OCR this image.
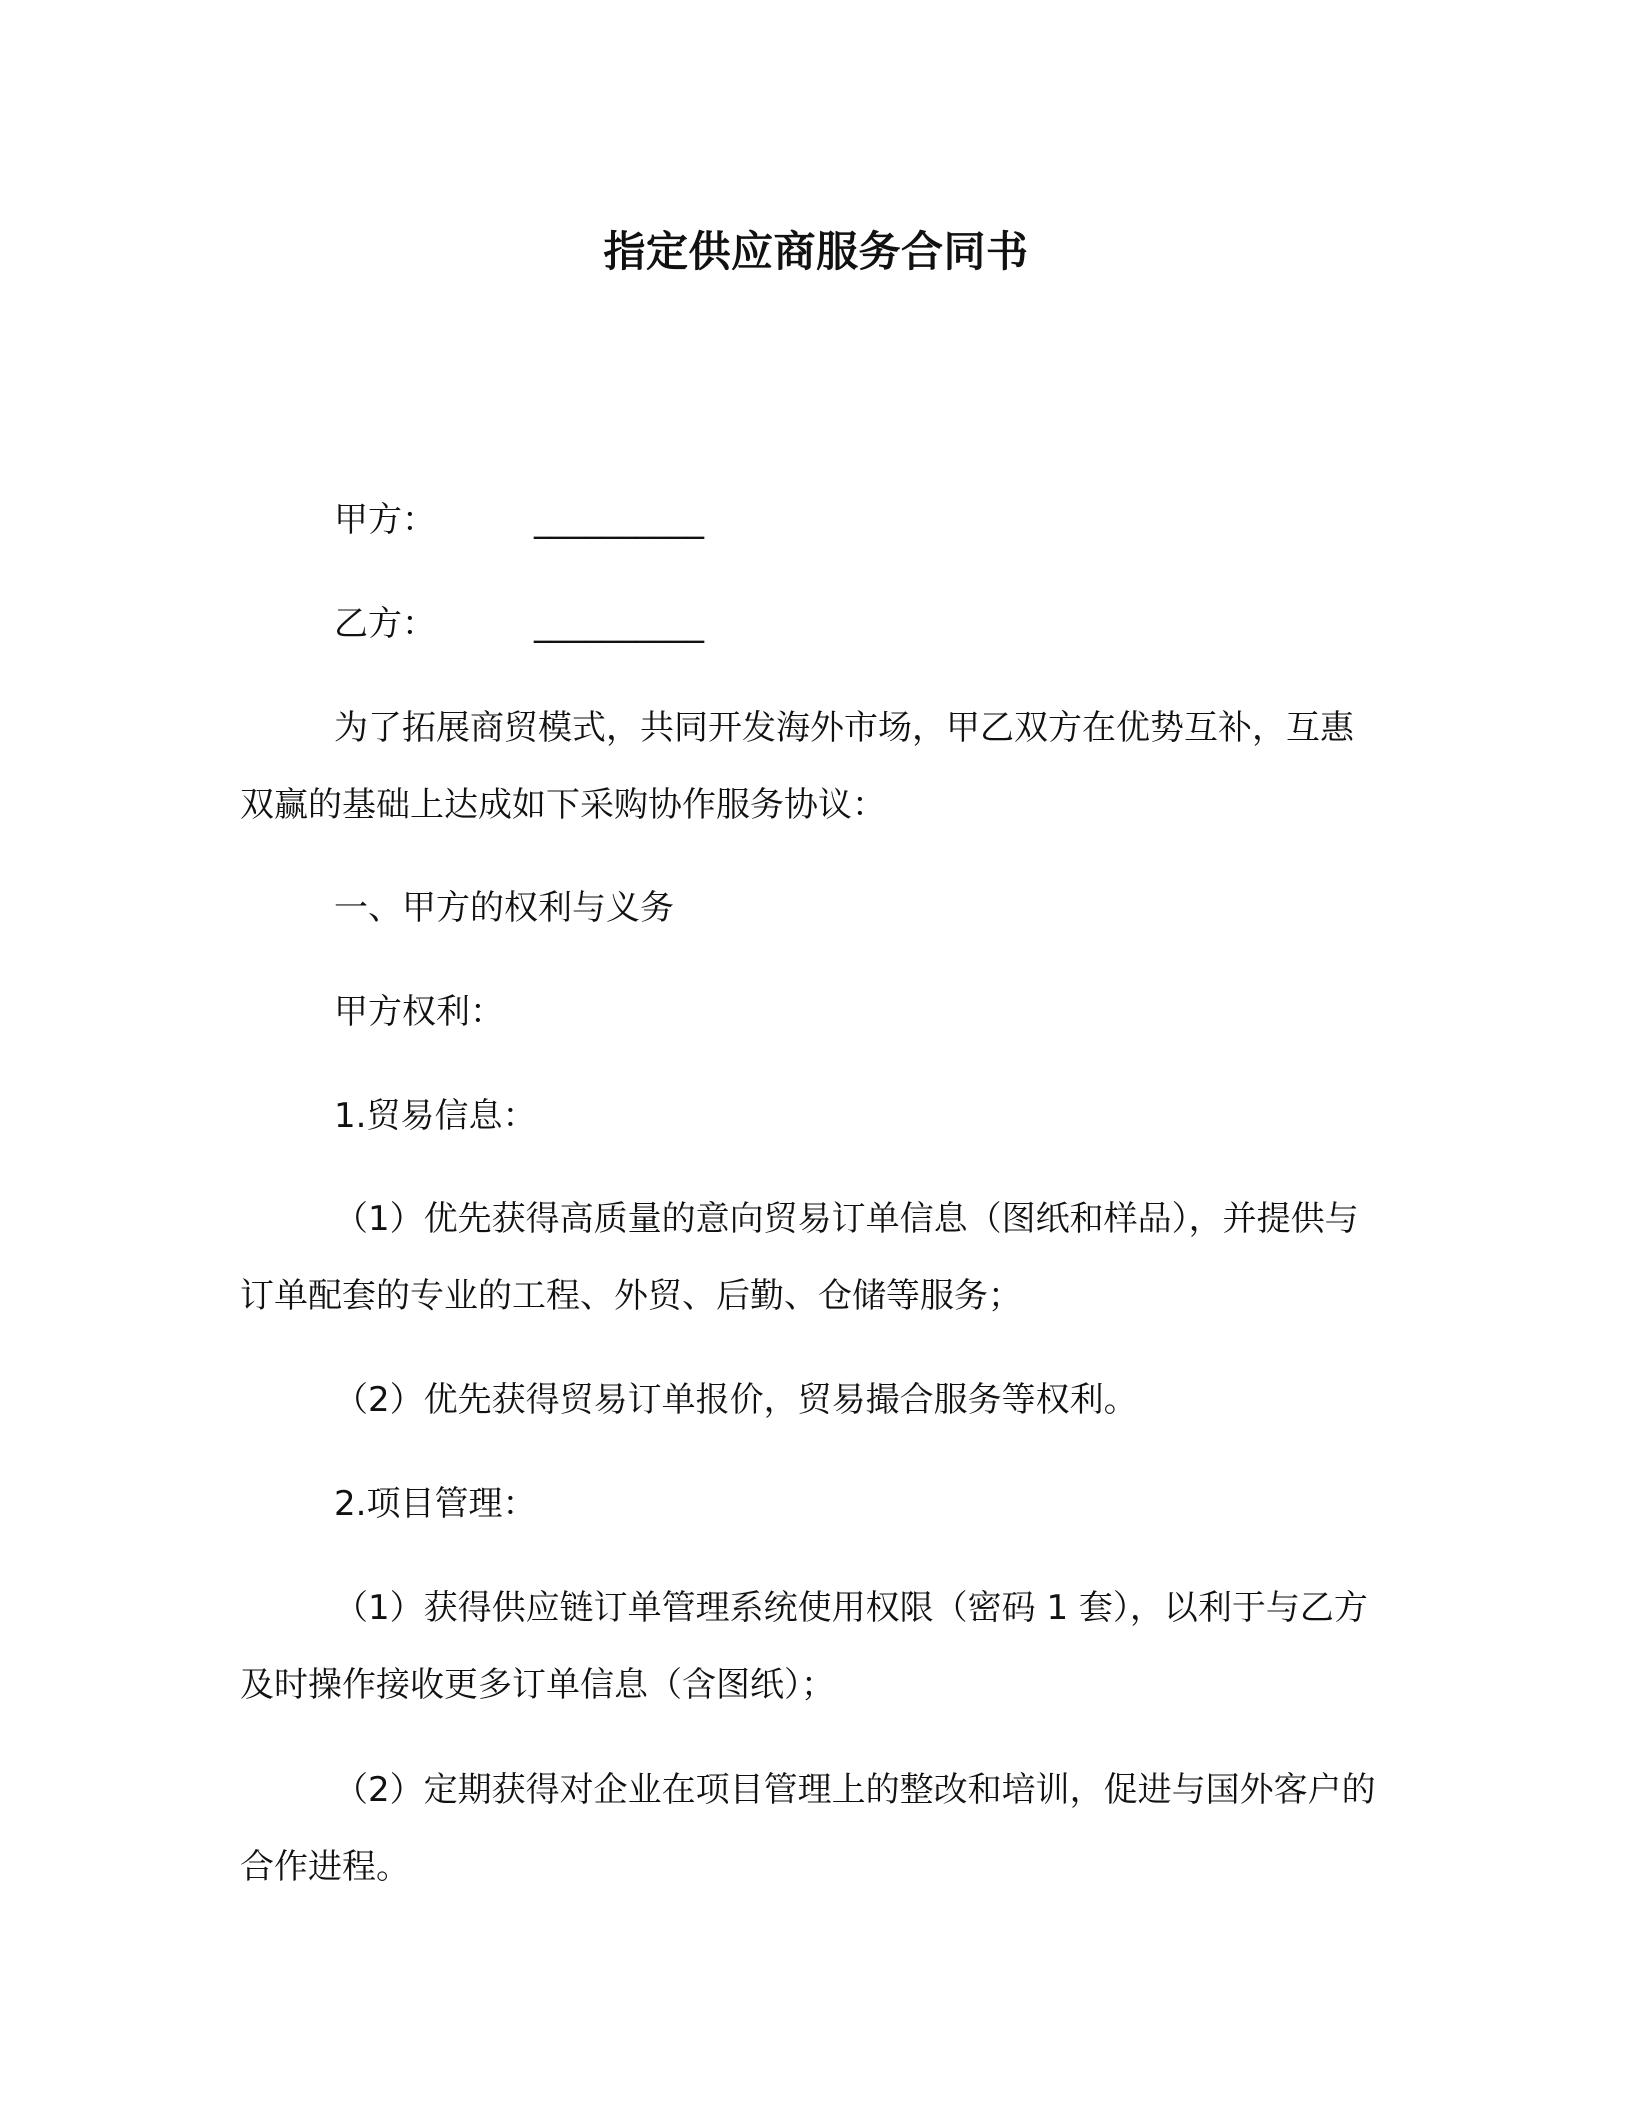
指定供应商服务合同书
甲方：	__________
乙方：	__________
为了拓展商贸模式，共同开发海外市场，甲乙双方在优势互补，互惠双赢的基础上达成如下采购协作服务协议：
一、甲方的权利与义务
甲方权利：
1.贸易信息：
（1）优先获得高质量的意向贸易订单信息（图纸和样品），并提供与订单配套的专业的工程、外贸、后勤、仓储等服务；
（2）优先获得贸易订单报价，贸易撮合服务等权利。
2.项目管理：
（1）获得供应链订单管理系统使用权限（密码 1 套），以利于与乙方及时操作接收更多订单信息（含图纸）；
（2）定期获得对企业在项目管理上的整改和培训，促进与国外客户的合作进程。
